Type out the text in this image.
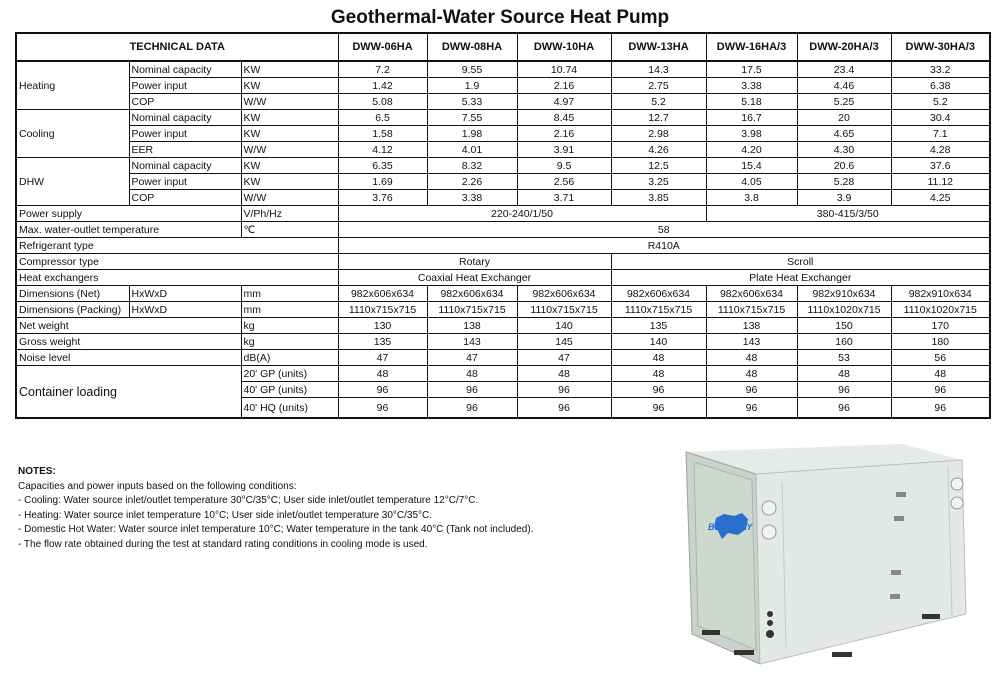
Geothermal-Water Source Heat Pump
TECHNICAL DATA			DWW-06HA	DWW-08HA	DWW-10HA	DWW-13HA	DWW-16HA/3	DWW-20HA/3	DWW-30HA/3
Heating	Nominal capacity	KW	7.2	9.55	10.74	14.3	17.5	23.4	33.2
	Power input	KW	1.42	1.9	2.16	2.75	3.38	4.46	6.38
	COP	W/W	5.08	5.33	4.97	5.2	5.18	5.25	5.2
Cooling	Nominal capacity	KW	6.5	7.55	8.45	12.7	16.7	20	30.4
	Power input	KW	1.58	1.98	2.16	2.98	3.98	4.65	7.1
	EER	W/W	4.12	4.01	3.91	4.26	4.20	4.30	4.28
DHW	Nominal capacity	KW	6.35	8.32	9.5	12.5	15.4	20.6	37.6
	Power input	KW	1.69	2.26	2.56	3.25	4.05	5.28	11.12
	COP	W/W	3.76	3.38	3.71	3.85	3.8	3.9	4.25
Power supply		V/Ph/Hz	220-240/1/50				380-415/3/50		
Max. water-outlet temperature		℃	58						
Refrigerant type			R410A						
Compressor type			Rotary			Scroll			
Heat exchangers			Coaxial Heat Exchanger			Plate Heat Exchanger			
Dimensions (Net)	HxWxD	mm	982x606x634	982x606x634	982x606x634	982x606x634	982x606x634	982x910x634	982x910x634
Dimensions (Packing)	HxWxD	mm	1110x715x715	1110x715x715	1110x715x715	1110x715x715	1110x715x715	1110x1020x715	1110x1020x715
Net weight		kg	130	138	140	135	138	150	170
Gross weight		kg	135	143	145	140	143	160	180
Noise level		dB(A)	47	47	47	48	48	53	56
Container loading		20' GP (units)	48	48	48	48	48	48	48
		40' GP (units)	96	96	96	96	96	96	96
		40' HQ (units)	96	96	96	96	96	96	96
NOTES:
Capacities and power inputs based on the following conditions:
- Cooling: Water source inlet/outlet temperature 30°C/35°C; User side inlet/outlet temperature 12°C/7°C.
- Heating: Water source inlet temperature 10°C; User side inlet/outlet temperature 30°C/35°C.
- Domestic Hot Water: Water source inlet temperature 10°C; Water temperature in the tank 40°C (Tank not included).
- The flow rate obtained during the test at standard rating conditions in cooling mode is used.
BLUEWAY
